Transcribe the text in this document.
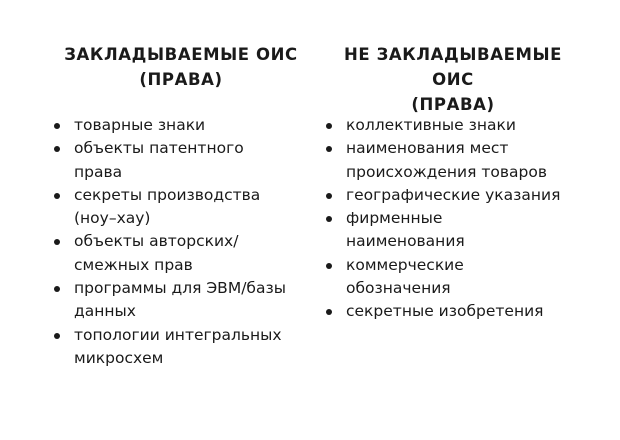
ЗАКЛАДЫВАЕМЫЕ ОИС
(ПРАВА)
товарные знаки
объекты патентного
права
секреты производства
(ноу–хау)
объекты авторских/
смежных прав
программы для ЭВМ/базы
данных
топологии интегральных
микросхем
НЕ ЗАКЛАДЫВАЕМЫЕ ОИС
(ПРАВА)
коллективные знаки
наименования мест
происхождения товаров
географические указания
фирменные
наименования
коммерческие
обозначения
секретные изобретения
